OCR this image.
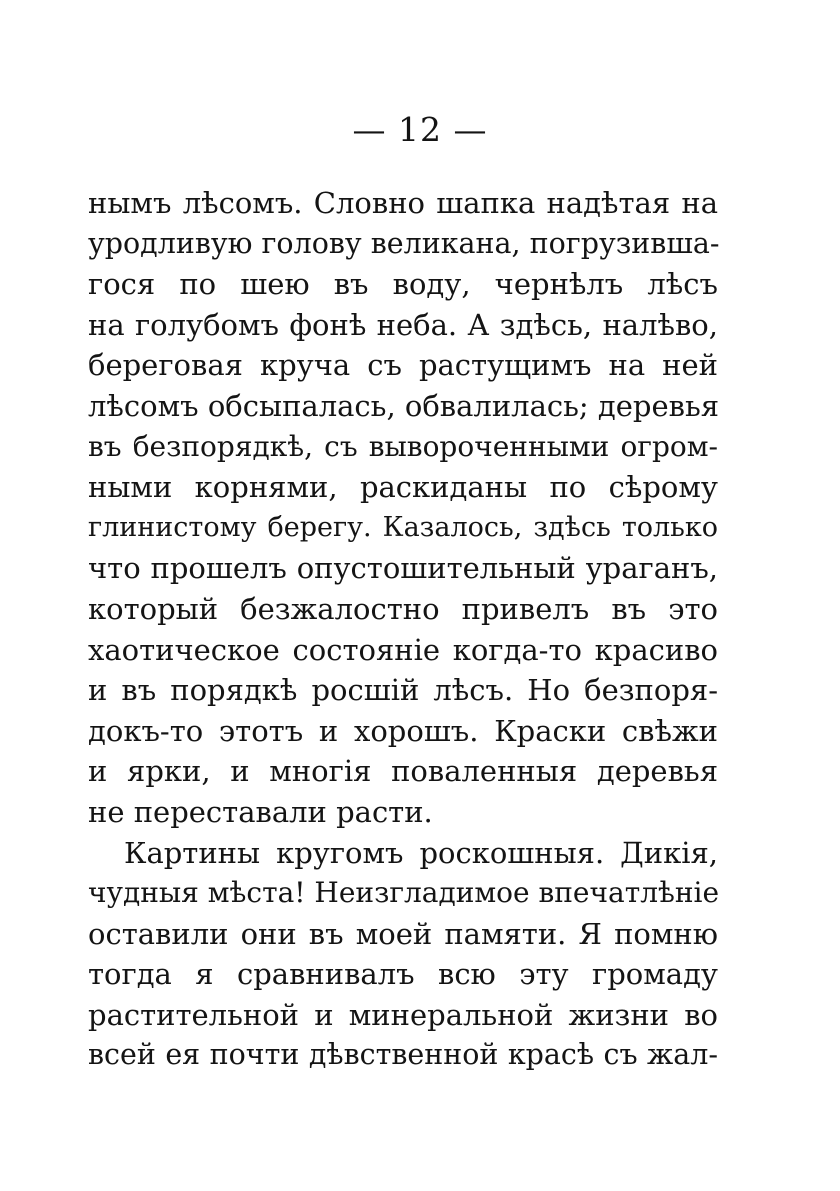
— 12 —
нымъ лѣсомъ. Словно шапка надѣтая на
уродливую голову великана, погрузивша-
гося по шею въ воду, чернѣлъ лѣсъ
на голубомъ фонѣ неба. А здѣсь, налѣво,
береговая круча съ растущимъ на ней
лѣсомъ обсыпалась, обвалилась; деревья
въ безпорядкѣ, съ вывороченными огром-
ными корнями, раскиданы по сѣрому
глинистому берегу. Казалось, здѣсь только
что прошелъ опустошительный ураганъ,
который безжалостно привелъ въ это
хаотическое состоянiе когда-то красиво
и въ порядкѣ росшiй лѣсъ. Но безпоря-
докъ-то этотъ и хорошъ. Краски свѣжи
и ярки, и многiя поваленныя деревья
не переставали расти.
Картины кругомъ роскошныя. Дикiя,
чудныя мѣста! Неизгладимое впечатлѣнiе
оставили они въ моей памяти. Я помню
тогда я сравнивалъ всю эту громаду
растительной и минеральной жизни во
всей ея почти дѣвственной красѣ съ жал-
